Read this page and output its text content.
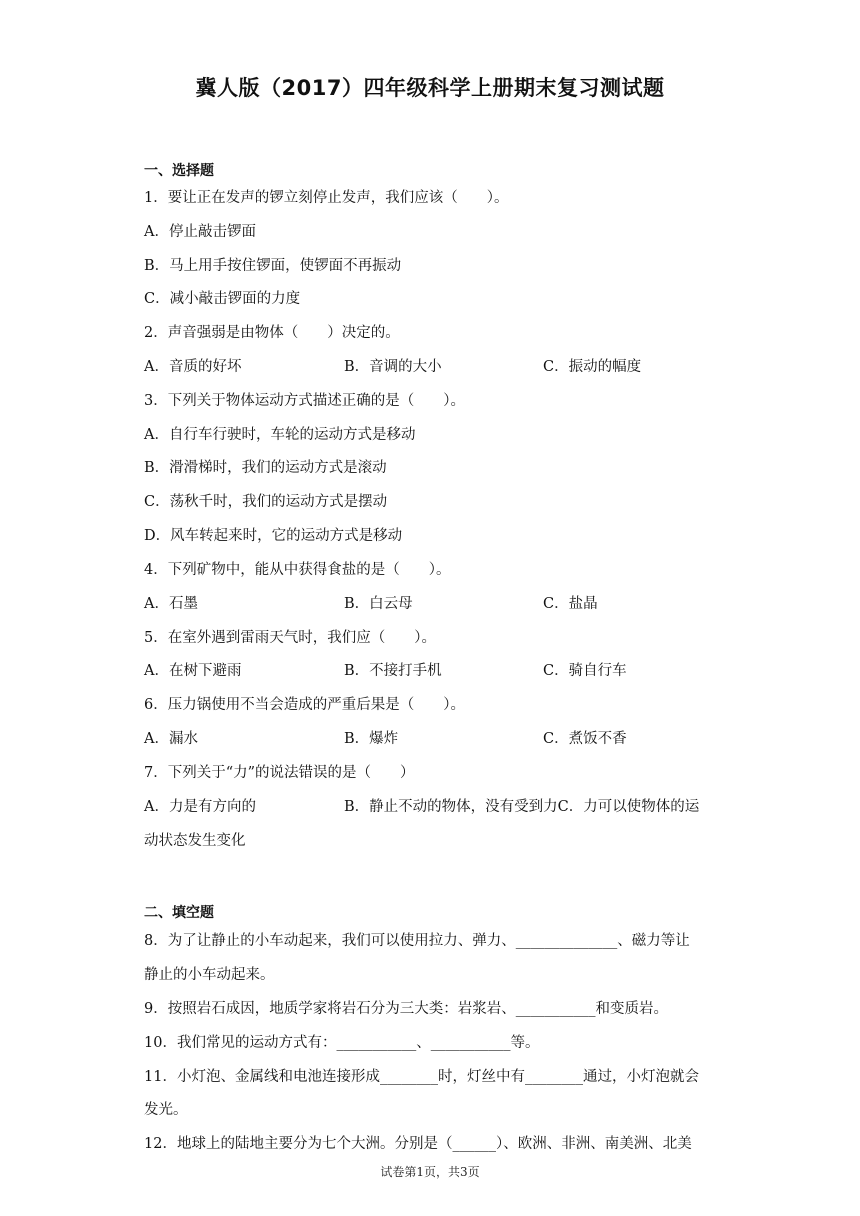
冀人版（2017）四年级科学上册期末复习测试题
一、选择题
1．要让正在发声的锣立刻停止发声，我们应该（　　）。
A．停止敲击锣面
B．马上用手按住锣面，使锣面不再振动
C．减小敲击锣面的力度
2．声音强弱是由物体（　　）决定的。
A．音质的好坏	B．音调的大小	C．振动的幅度
3．下列关于物体运动方式描述正确的是（　　）。
A．自行车行驶时，车轮的运动方式是移动
B．滑滑梯时，我们的运动方式是滚动
C．荡秋千时，我们的运动方式是摆动
D．风车转起来时，它的运动方式是移动
4．下列矿物中，能从中获得食盐的是（　　）。
A．石墨	B．白云母	C．盐晶
5．在室外遇到雷雨天气时，我们应（　　）。
A．在树下避雨	B．不接打手机	C．骑自行车
6．压力锅使用不当会造成的严重后果是（　　）。
A．漏水	B．爆炸	C．煮饭不香
7．下列关于“力”的说法错误的是（　　）
A．力是有方向的	B．静止不动的物体，没有受到力C．力可以使物体的运
动状态发生变化
二、填空题
8．为了让静止的小车动起来，我们可以使用拉力、弹力、______________、磁力等让
静止的小车动起来。
9．按照岩石成因，地质学家将岩石分为三大类：岩浆岩、___________和变质岩。
10．我们常见的运动方式有：___________、___________等。
11．小灯泡、金属线和电池连接形成________时，灯丝中有________通过，小灯泡就会
发光。
12．地球上的陆地主要分为七个大洲。分别是（______）、欧洲、非洲、南美洲、北美
试卷第1页，共3页
